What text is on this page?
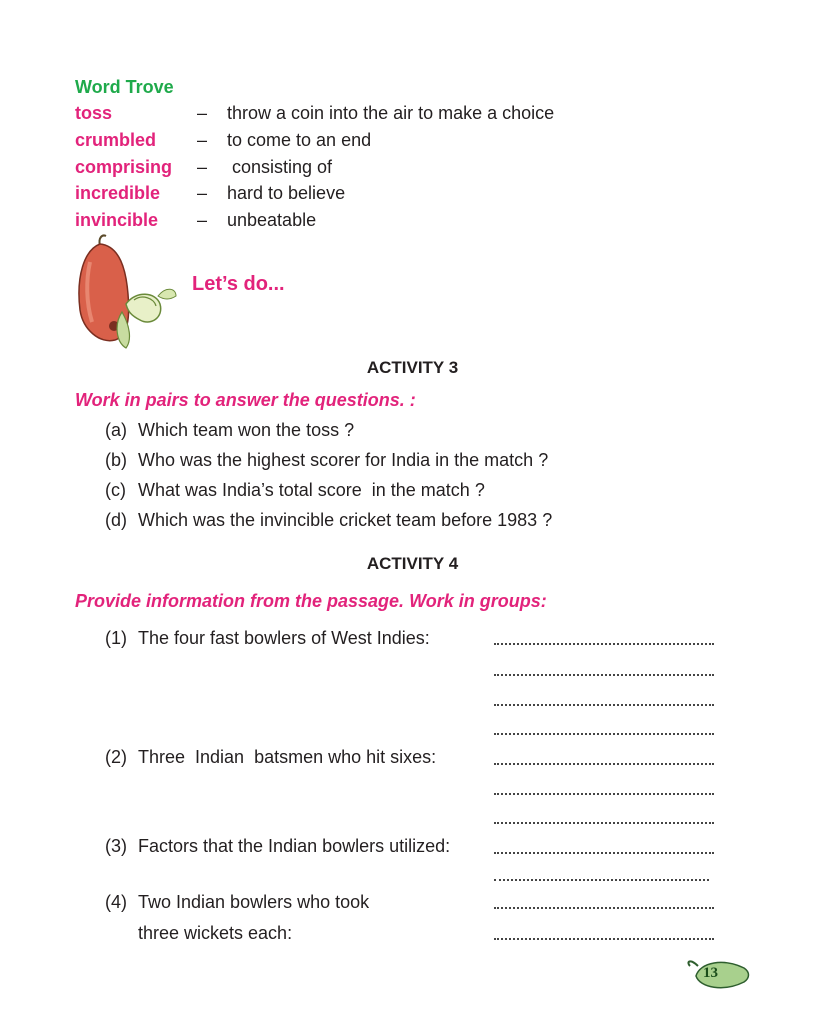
Word Trove
toss	– throw a coin into the air to make a choice
crumbled – to come to an end
comprising – consisting of
incredible – hard to believe
invincible – unbeatable
Let’s do...
ACTIVITY 3
Work in pairs to answer the questions. :
(a) Which team won the toss ?
(b) Who was the highest scorer for India in the match ?
(c) What was India’s total score  in the match ?
(d) Which was the invincible cricket team before 1983 ?
ACTIVITY 4
Provide information from the passage. Work in groups:
(1) The four fast bowlers of West Indies:
(2) Three  Indian  batsmen who hit sixes:
(3) Factors that the Indian bowlers utilized:
(4) Two Indian bowlers who took
three wickets each:
13
